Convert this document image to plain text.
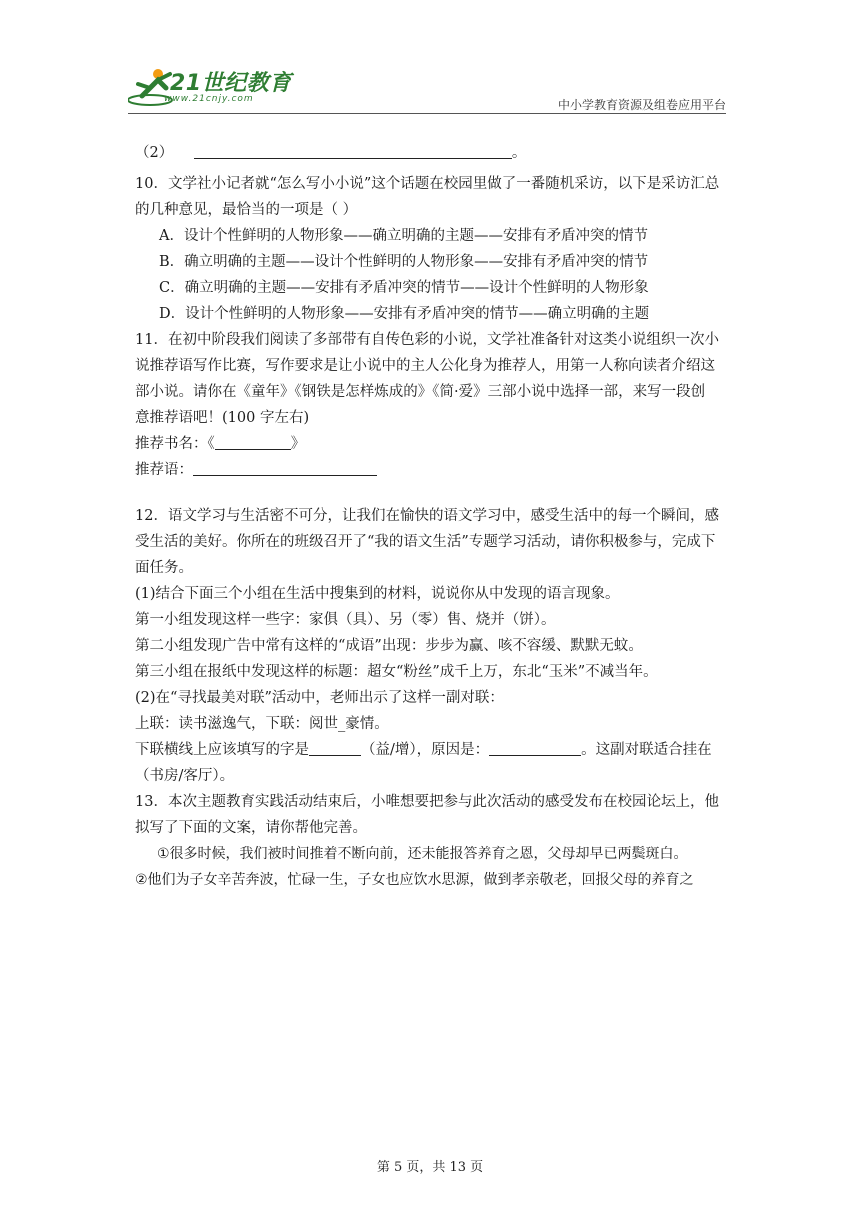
21世纪教育
www.21cnjy.com	中小学教育资源及组卷应用平台
（2）	。
10．文学社小记者就“怎么写小小说”这个话题在校园里做了一番随机采访，以下是采访汇总
的几种意见，最恰当的一项是（ ）
A．设计个性鲜明的人物形象——确立明确的主题——安排有矛盾冲突的情节
B．确立明确的主题——设计个性鲜明的人物形象——安排有矛盾冲突的情节
C．确立明确的主题——安排有矛盾冲突的情节——设计个性鲜明的人物形象
D．设计个性鲜明的人物形象——安排有矛盾冲突的情节——确立明确的主题
11．在初中阶段我们阅读了多部带有自传色彩的小说，文学社准备针对这类小说组织一次小
说推荐语写作比赛，写作要求是让小说中的主人公化身为推荐人，用第一人称向读者介绍这
部小说。请你在《童年》《钢铁是怎样炼成的》《简·爱》三部小说中选择一部，来写一段创
意推荐语吧！(100 字左右)
推荐书名：《	》
推荐语：
12．语文学习与生活密不可分，让我们在愉快的语文学习中，感受生活中的每一个瞬间，感
受生活的美好。你所在的班级召开了“我的语文生活”专题学习活动，请你积极参与，完成下
面任务。
(1)结合下面三个小组在生活中搜集到的材料，说说你从中发现的语言现象。
第一小组发现这样一些字：家俱（具）、另（零）售、烧并（饼）。
第二小组发现广告中常有这样的“成语”出现：步步为赢、咳不容缓、默默无蚊。
第三小组在报纸中发现这样的标题：超女“粉丝”成千上万，东北“玉米”不减当年。
(2)在“寻找最美对联”活动中，老师出示了这样一副对联：
上联：读书滋逸气，下联：阅世_豪情。
下联横线上应该填写的字是	（益/增），原因是：	。这副对联适合挂在
（书房/客厅）。
13．本次主题教育实践活动结束后，小唯想要把参与此次活动的感受发布在校园论坛上，他
拟写了下面的文案，请你帮他完善。
①很多时候，我们被时间推着不断向前，还未能报答养育之恩，父母却早已两鬓斑白。
②他们为子女辛苦奔波，忙碌一生，子女也应饮水思源，做到孝亲敬老，回报父母的养育之
第 5 页，共 13 页
